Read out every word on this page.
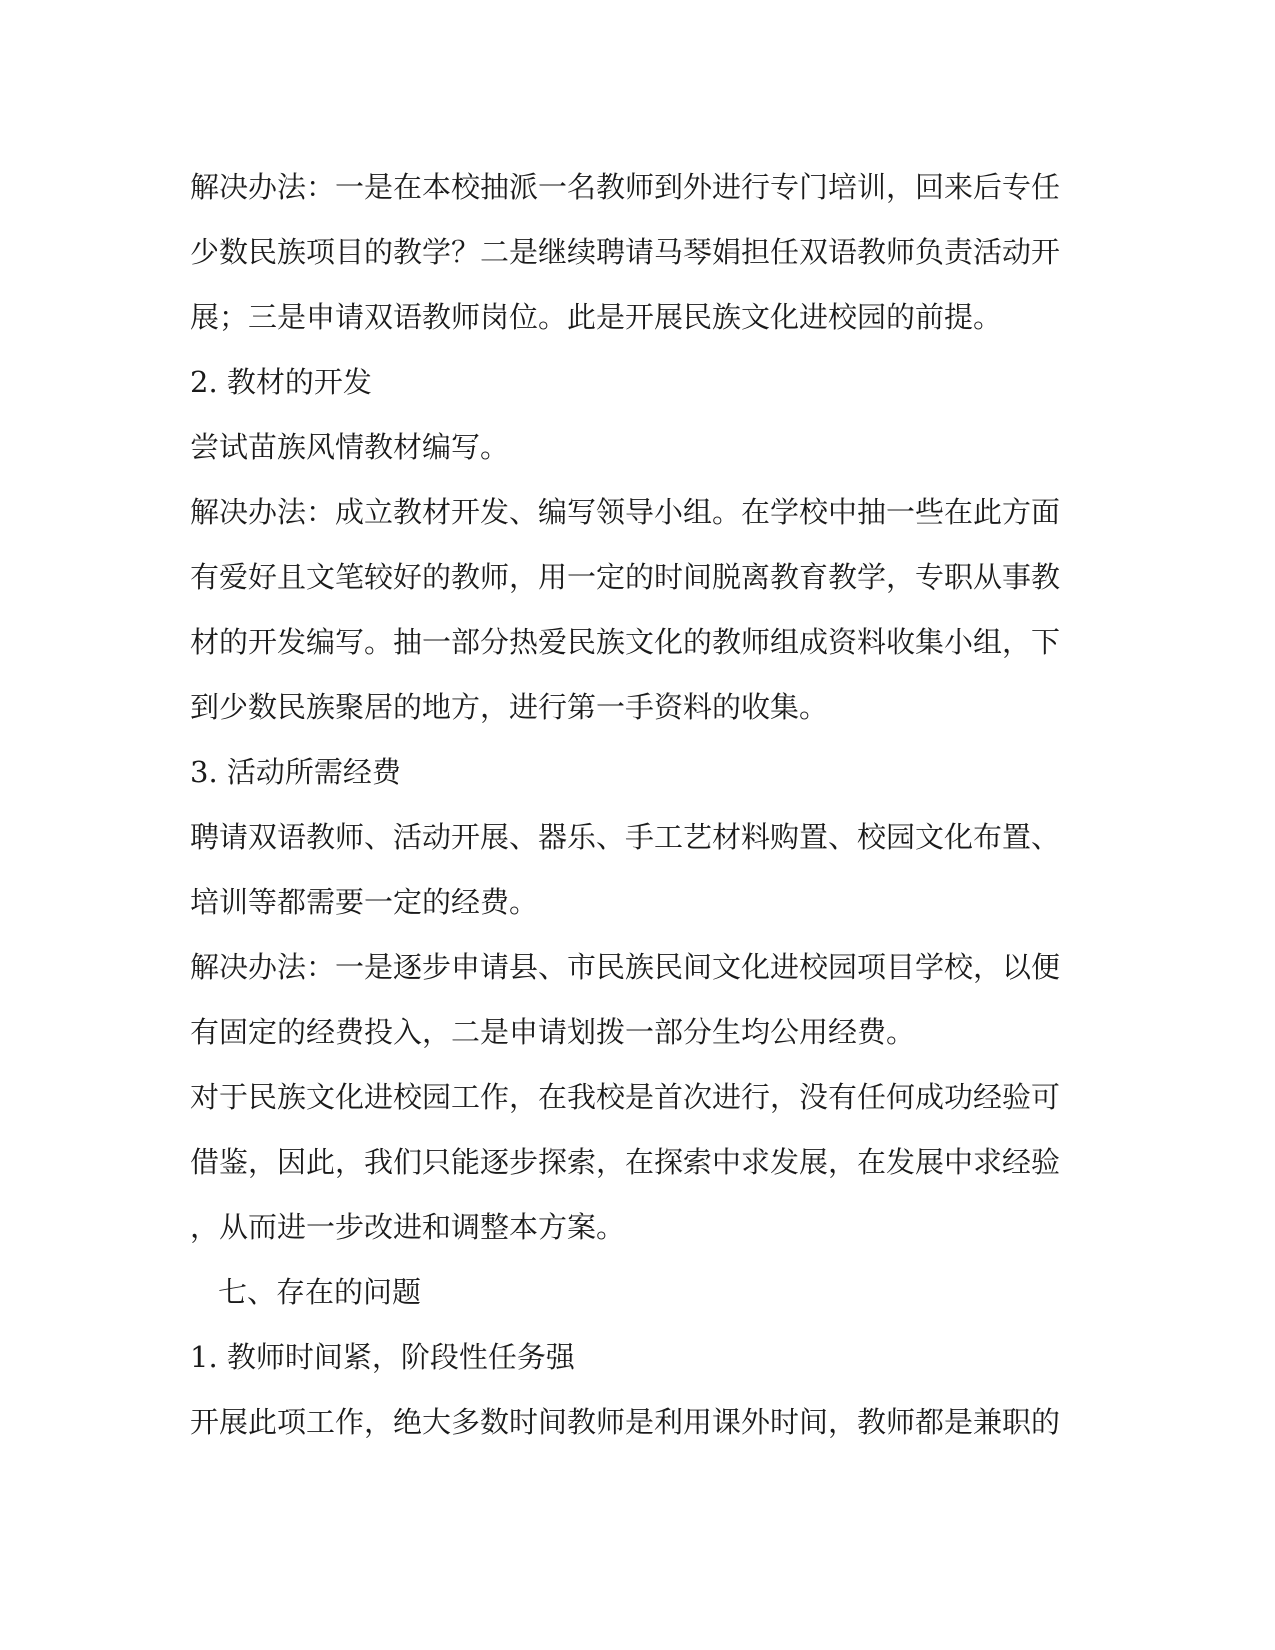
解决办法：一是在本校抽派一名教师到外进行专门培训，回来后专任
少数民族项目的教学？二是继续聘请马琴娟担任双语教师负责活动开
展；三是申请双语教师岗位。此是开展民族文化进校园的前提。
2. 教材的开发
尝试苗族风情教材编写。
解决办法：成立教材开发、编写领导小组。在学校中抽一些在此方面
有爱好且文笔较好的教师，用一定的时间脱离教育教学，专职从事教
材的开发编写。抽一部分热爱民族文化的教师组成资料收集小组，下
到少数民族聚居的地方，进行第一手资料的收集。
3. 活动所需经费
聘请双语教师、活动开展、器乐、手工艺材料购置、校园文化布置、
培训等都需要一定的经费。
解决办法：一是逐步申请县、市民族民间文化进校园项目学校，以便
有固定的经费投入，二是申请划拨一部分生均公用经费。
对于民族文化进校园工作，在我校是首次进行，没有任何成功经验可
借鉴，因此，我们只能逐步探索，在探索中求发展，在发展中求经验
，从而进一步改进和调整本方案。
七、存在的问题
1. 教师时间紧，阶段性任务强
开展此项工作，绝大多数时间教师是利用课外时间，教师都是兼职的
